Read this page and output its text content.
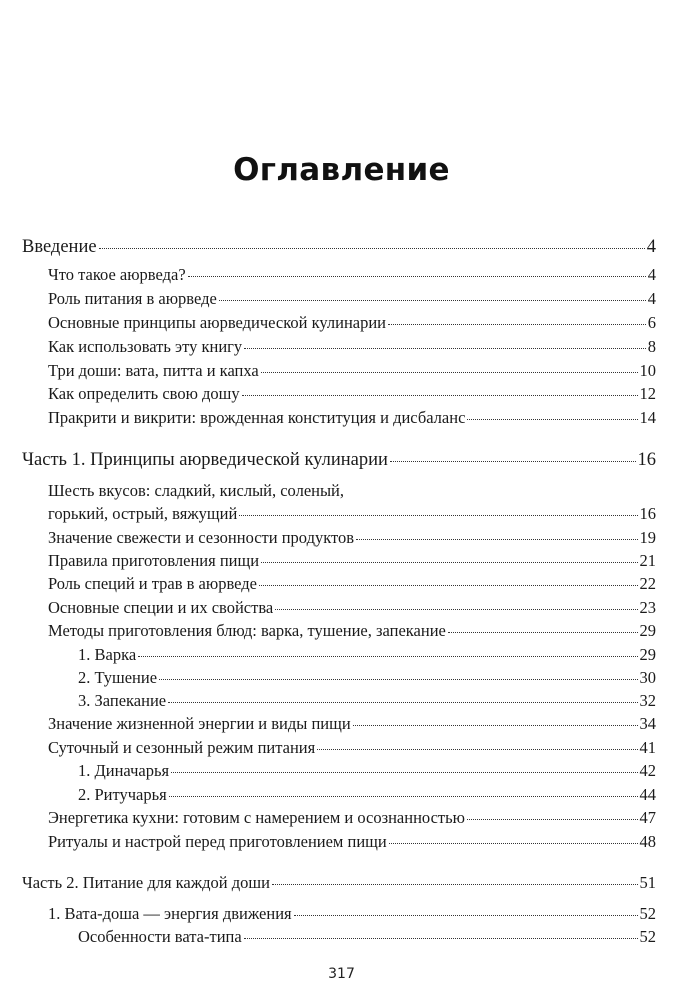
Оглавление
Введение	4
Что такое аюрведа?	4
Роль питания в аюрведе	4
Основные принципы аюрведической кулинарии	6
Как использовать эту книгу	8
Три доши: вата, питта и капха	10
Как определить свою дошу	12
Пракрити и викрити: врожденная конституция и дисбаланс	14
Часть 1. Принципы аюрведической кулинарии	16
Шесть вкусов: сладкий, кислый, соленый,
горький, острый, вяжущий	16
Значение свежести и сезонности продуктов	19
Правила приготовления пищи	21
Роль специй и трав в аюрведе	22
Основные специи и их свойства	23
Методы приготовления блюд: варка, тушение, запекание	29
1. Варка	29
2. Тушение	30
3. Запекание	32
Значение жизненной энергии и виды пищи	34
Суточный и сезонный режим питания	41
1. Диначарья	42
2. Ритучарья	44
Энергетика кухни: готовим с намерением и осознанностью	47
Ритуалы и настрой перед приготовлением пищи	48
Часть 2. Питание для каждой доши	51
1. Вата-доша — энергия движения	52
Особенности вата-типа	52
317
